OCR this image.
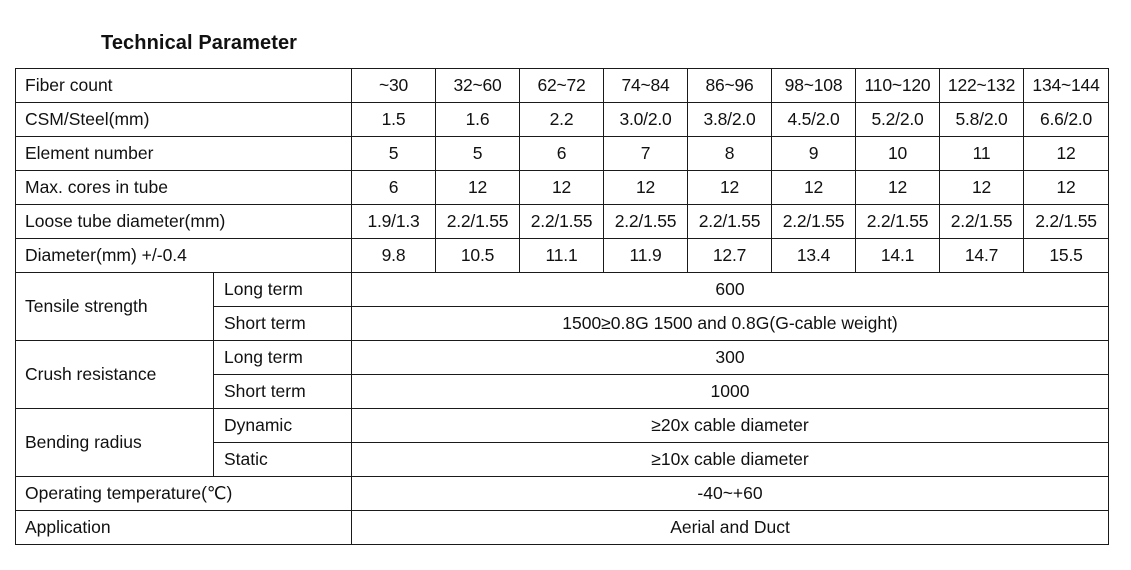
Technical Parameter
Fiber count		~30	32~60	62~72	74~84	86~96	98~108	110~120	122~132	134~144
CSM/Steel(mm)		1.5	1.6	2.2	3.0/2.0	3.8/2.0	4.5/2.0	5.2/2.0	5.8/2.0	6.6/2.0
Element number		5	5	6	7	8	9	10	11	12
Max. cores in tube		6	12	12	12	12	12	12	12	12
Loose tube diameter(mm)		1.9/1.3	2.2/1.55	2.2/1.55	2.2/1.55	2.2/1.55	2.2/1.55	2.2/1.55	2.2/1.55	2.2/1.55
Diameter(mm) +/-0.4		9.8	10.5	11.1	11.9	12.7	13.4	14.1	14.7	15.5
Tensile strength	Long term	600								
	Short term	1500≥0.8G 1500 and 0.8G(G-cable weight)								
Crush resistance	Long term	300								
	Short term	1000								
Bending radius	Dynamic	≥20x cable diameter								
	Static	≥10x cable diameter								
Operating temperature(℃)		-40~+60								
Application		Aerial and Duct								
